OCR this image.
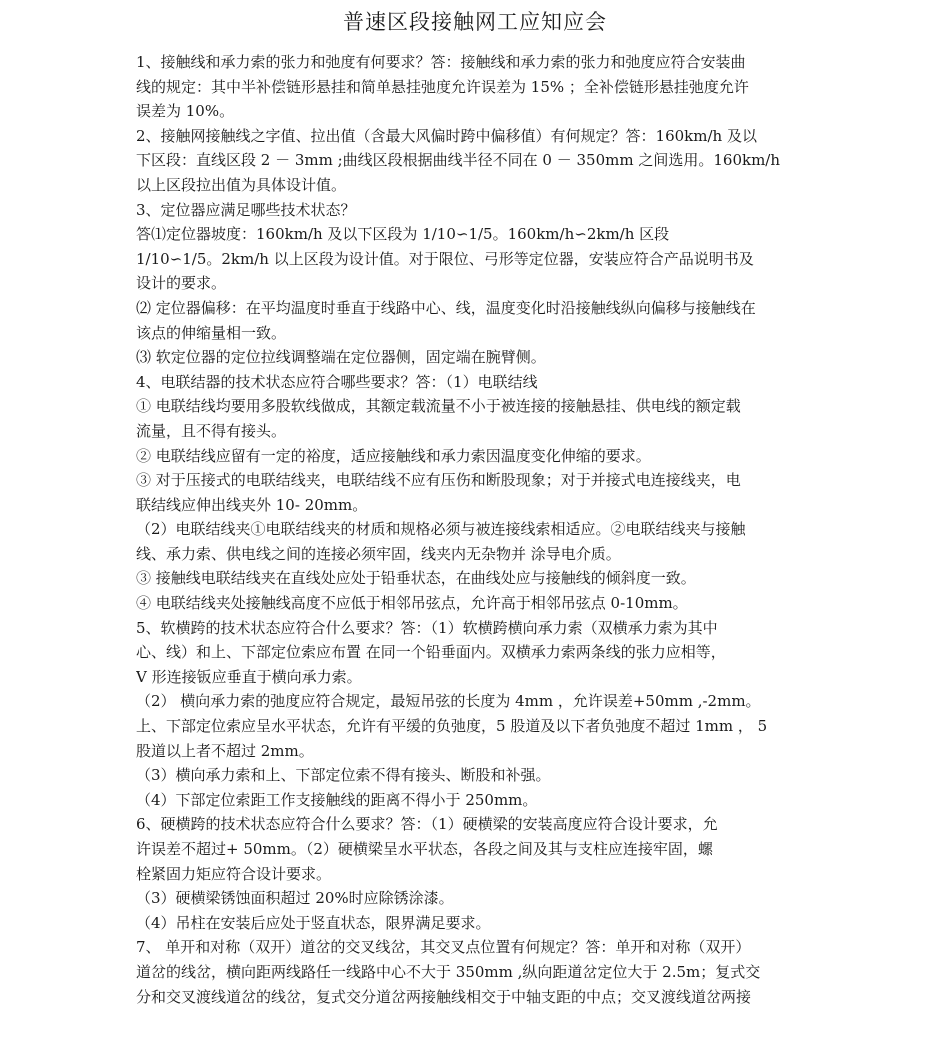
普速区段接触网工应知应会
1、接触线和承力索的张力和弛度有何要求？答：接触线和承力索的张力和弛度应符合安装曲
线的规定：其中半补偿链形悬挂和简单悬挂弛度允许误差为 15% ；全补偿链形悬挂弛度允许
误差为 10%。
2、接触网接触线之字值、拉出值（含最大风偏时跨中偏移值）有何规定？答：160km/h 及以
下区段：直线区段 2 － 3mm ;曲线区段根据曲线半径不同在 0 － 350mm 之间选用。160km/h
以上区段拉出值为具体设计值。
3、定位器应满足哪些技术状态？
答⑴定位器坡度：160km/h 及以下区段为 1/10∽1/5。160km/h∽2km/h 区段
1/10∽1/5。2km/h 以上区段为设计值。对于限位、弓形等定位器，安装应符合产品说明书及
设计的要求。
⑵ 定位器偏移：在平均温度时垂直于线路中心、线，温度变化时沿接触线纵向偏移与接触线在
该点的伸缩量相一致。
⑶ 软定位器的定位拉线调整端在定位器侧，固定端在腕臂侧。
4、电联结器的技术状态应符合哪些要求？答：（1）电联结线
① 电联结线均要用多股软线做成，其额定载流量不小于被连接的接触悬挂、供电线的额定载
流量，且不得有接头。
② 电联结线应留有一定的裕度，适应接触线和承力索因温度变化伸缩的要求。
③ 对于压接式的电联结线夹，电联结线不应有压伤和断股现象；对于并接式电连接线夹，电
联结线应伸出线夹外 10- 20mm。
（2）电联结线夹①电联结线夹的材质和规格必须与被连接线索相适应。②电联结线夹与接触
线、承力索、供电线之间的连接必须牢固，线夹内无杂物并 涂导电介质。
③ 接触线电联结线夹在直线处应处于铅垂状态，在曲线处应与接触线的倾斜度一致。
④ 电联结线夹处接触线高度不应低于相邻吊弦点，允许高于相邻吊弦点 0-10mm。
5、软横跨的技术状态应符合什么要求？答：（1）软横跨横向承力索（双横承力索为其中
心、线）和上、下部定位索应布置 在同一个铅垂面内。双横承力索两条线的张力应相等，
V 形连接钣应垂直于横向承力索。
（2） 横向承力索的弛度应符合规定，最短吊弦的长度为 4mm ，允许误差+50mm ,-2mm。
上、下部定位索应呈水平状态，允许有平缓的负弛度，5 股道及以下者负弛度不超过 1mm ， 5
股道以上者不超过 2mm。
（3）横向承力索和上、下部定位索不得有接头、断股和补强。
（4）下部定位索距工作支接触线的距离不得小于 250mm。
6、硬横跨的技术状态应符合什么要求？答：（1）硬横梁的安装高度应符合设计要求，允
许误差不超过+ 50mm。（2）硬横梁呈水平状态，各段之间及其与支柱应连接牢固，螺
栓紧固力矩应符合设计要求。
（3）硬横梁锈蚀面积超过 20%时应除锈涂漆。
（4）吊柱在安装后应处于竖直状态，限界满足要求。
7、 单开和对称（双开）道岔的交叉线岔，其交叉点位置有何规定？答：单开和对称（双开）
道岔的线岔，横向距两线路任一线路中心不大于 350mm ,纵向距道岔定位大于 2.5m；复式交
分和交叉渡线道岔的线岔，复式交分道岔两接触线相交于中轴支距的中点；交叉渡线道岔两接
